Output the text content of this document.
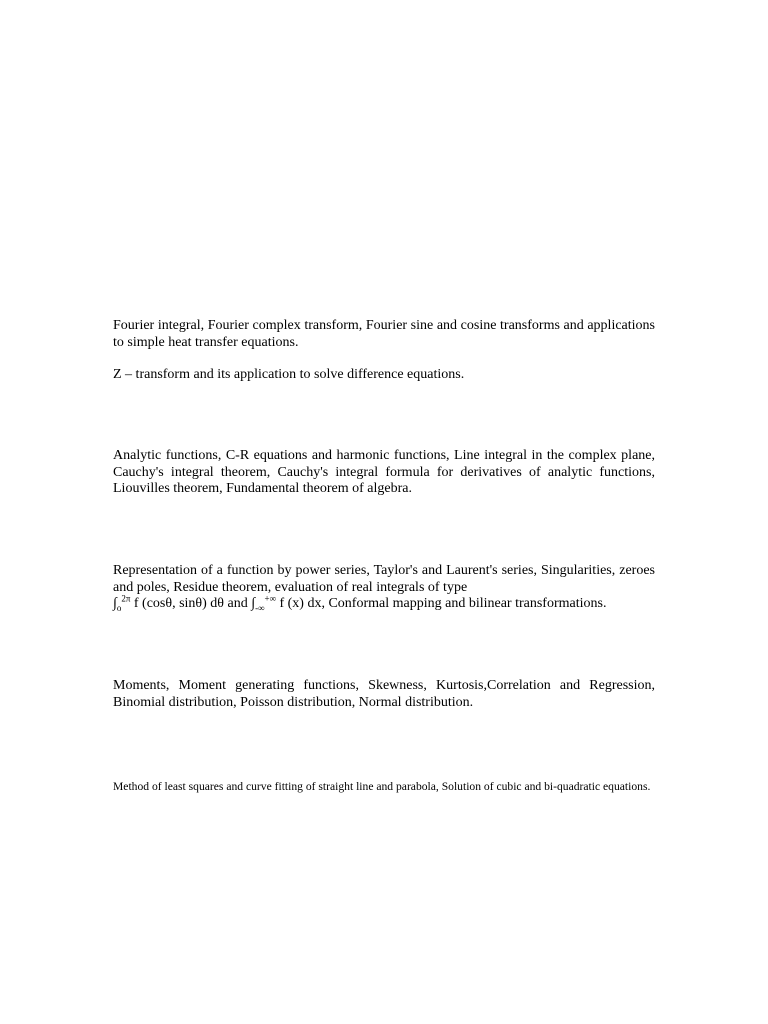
Fourier integral, Fourier complex transform, Fourier sine and cosine transforms and applications to simple heat transfer equations.

Z – transform and its application to solve difference equations.

Analytic functions, C-R equations and harmonic functions, Line integral in the complex plane, Cauchy's integral theorem, Cauchy's integral formula for derivatives of analytic functions, Liouvilles theorem, Fundamental theorem of algebra.

Representation of a function by power series, Taylor's and Laurent's series, Singularities, zeroes and poles, Residue theorem, evaluation of real integrals of type
$\int_o^{2\pi}$ f (cosθ, sinθ) dθ and $\int_{-\infty}^{+\infty}$ f (x) dx, Conformal mapping and bilinear transformations.

Moments, Moment generating functions, Skewness, Kurtosis,Correlation and Regression, Binomial distribution, Poisson distribution, Normal distribution.

Method of least squares and curve fitting of straight line and parabola, Solution of cubic and bi-quadratic equations.
